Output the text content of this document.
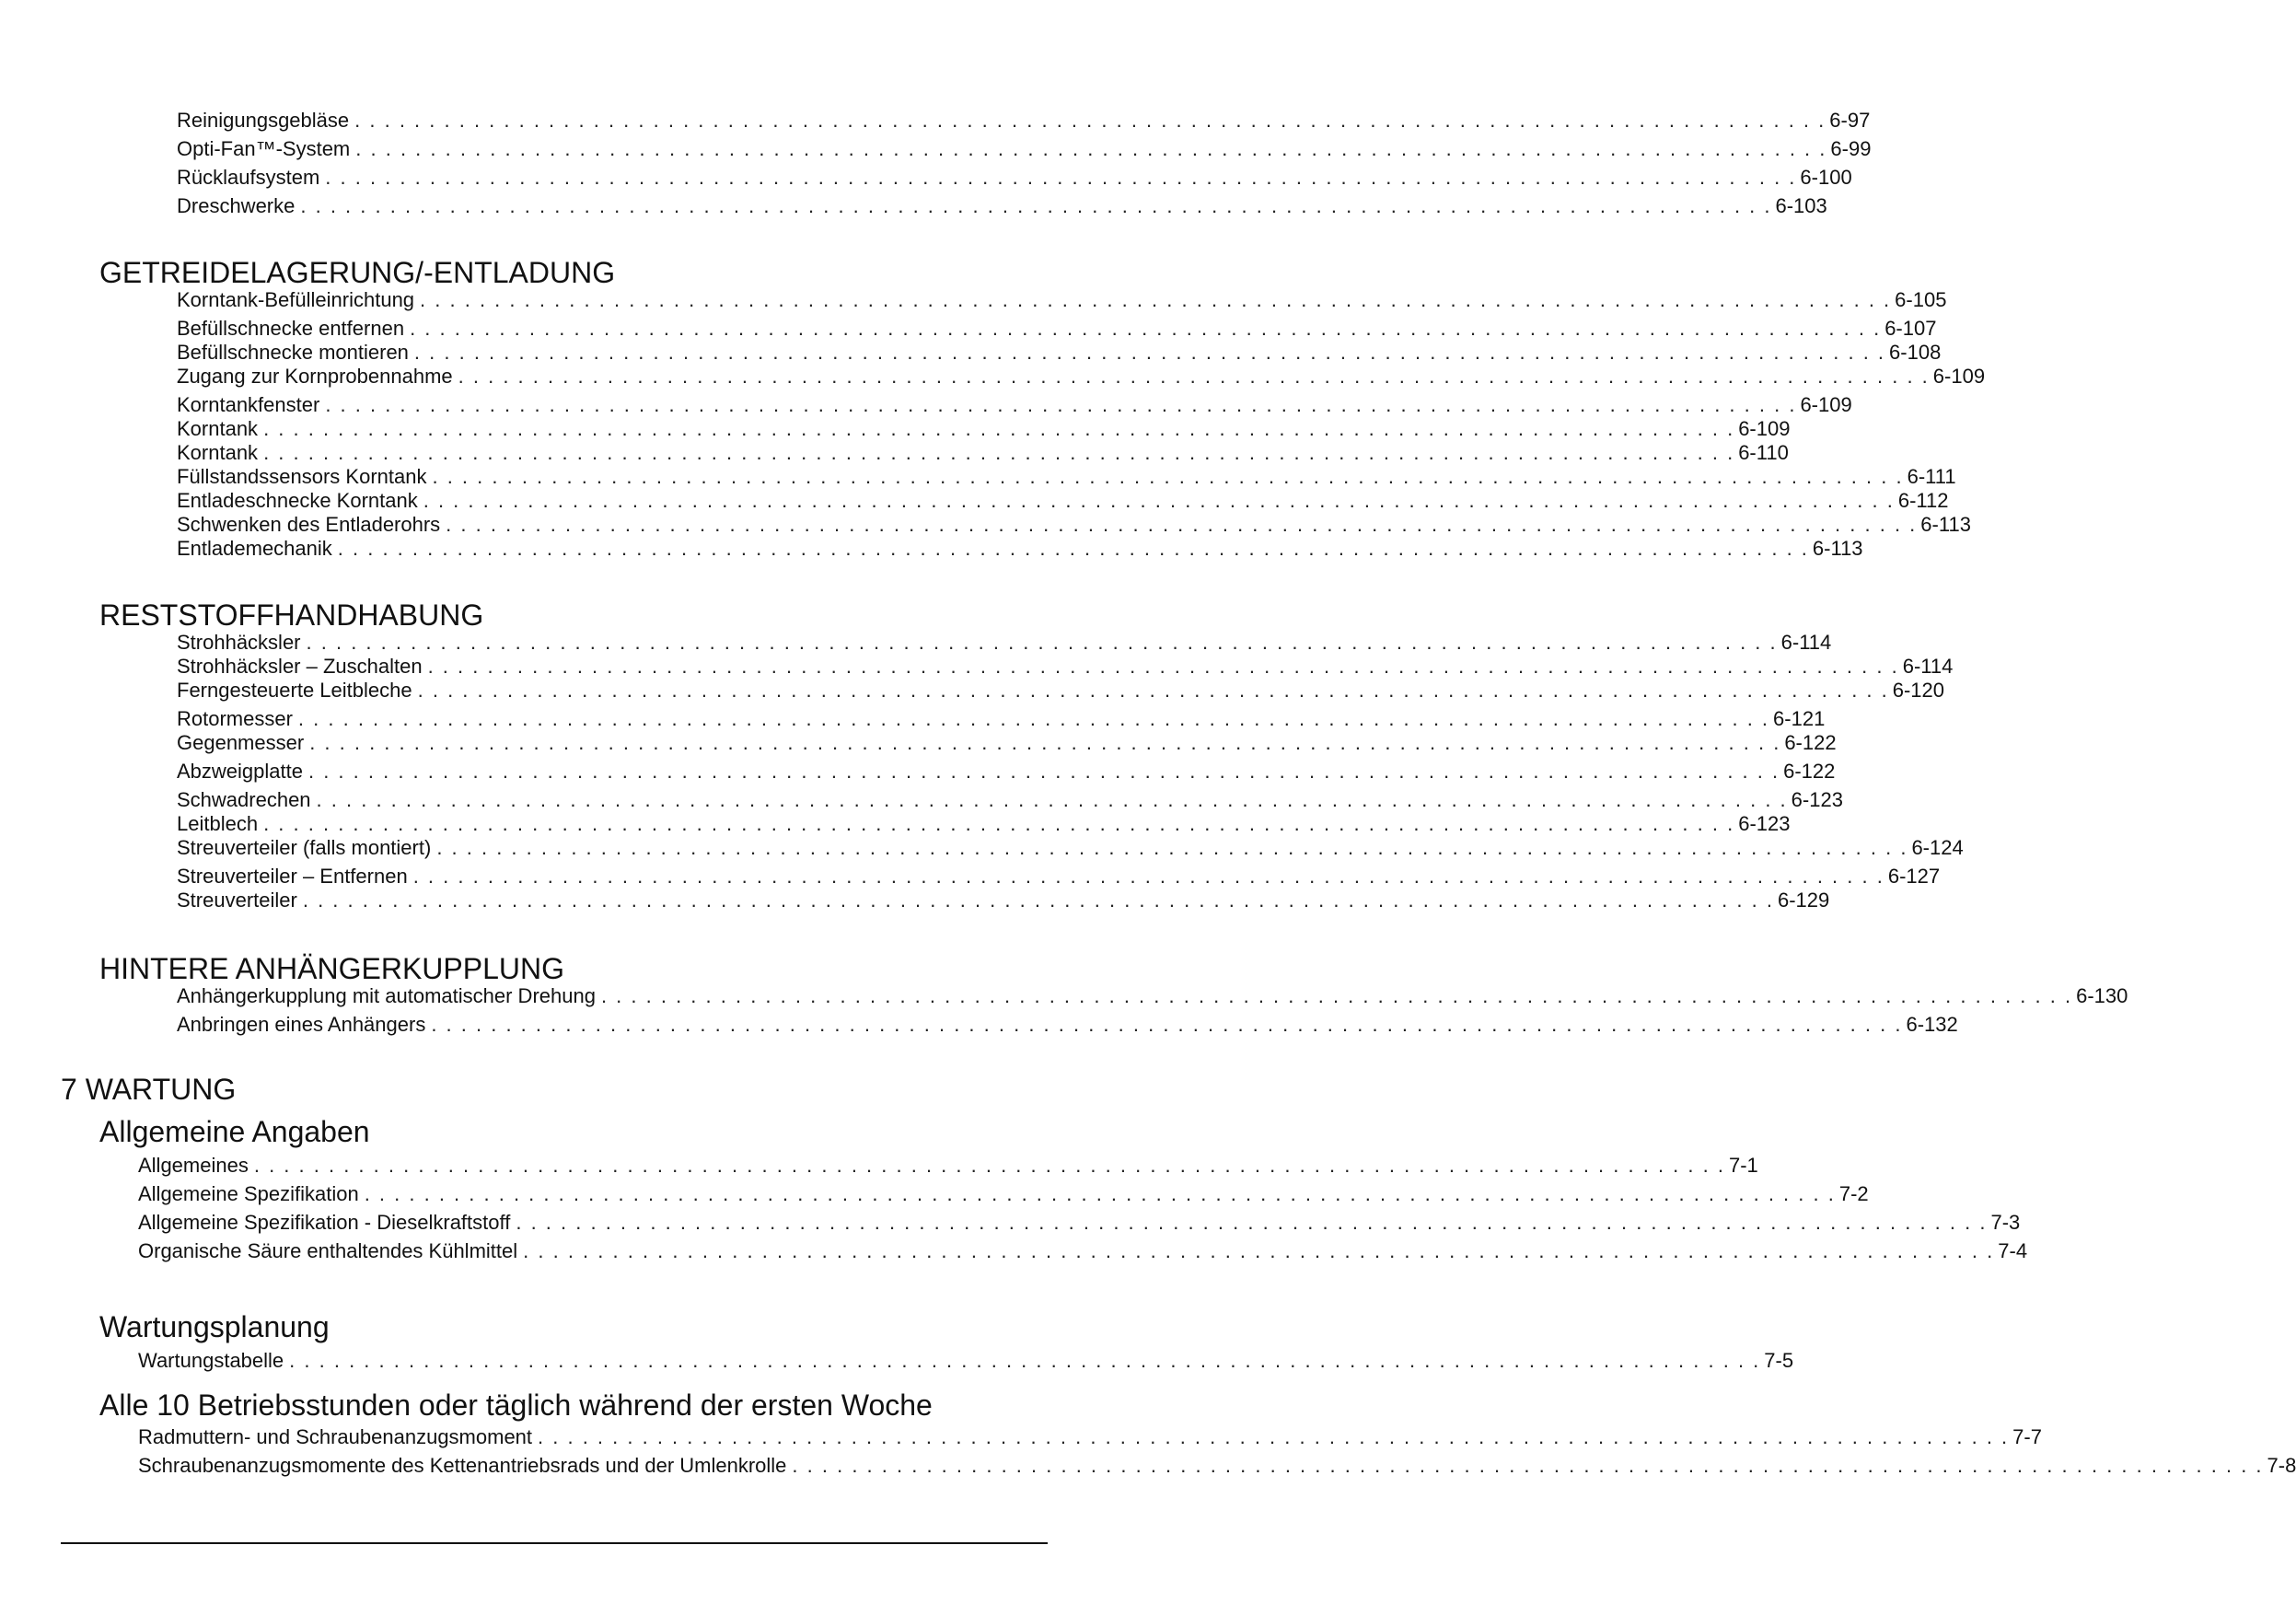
Reinigungsgebläse . . . . . . . . . . . . . . . . . . . . . . . . . . . . . . . . . . . . . . . . . . . . . . . . . . . . . . . . . . . . . . . . . . . . . . . . . . . . . . . . . . . . . . . . . . . . . . . . . . . 6-97
Opti-Fan™-System . . . . . . . . . . . . . . . . . . . . . . . . . . . . . . . . . . . . . . . . . . . . . . . . . . . . . . . . . . . . . . . . . . . . . . . . . . . . . . . . . . . . . . . . . . . . . . . . . . . 6-99
Rücklaufsystem . . . . . . . . . . . . . . . . . . . . . . . . . . . . . . . . . . . . . . . . . . . . . . . . . . . . . . . . . . . . . . . . . . . . . . . . . . . . . . . . . . . . . . . . . . . . . . . . . . . 6-100
Dreschwerke . . . . . . . . . . . . . . . . . . . . . . . . . . . . . . . . . . . . . . . . . . . . . . . . . . . . . . . . . . . . . . . . . . . . . . . . . . . . . . . . . . . . . . . . . . . . . . . . . . . 6-103
GETREIDELAGERUNG/-ENTLADUNG
Korntank-Befülleinrichtung . . . . . . . . . . . . . . . . . . . . . . . . . . . . . . . . . . . . . . . . . . . . . . . . . . . . . . . . . . . . . . . . . . . . . . . . . . . . . . . . . . . . . . . . . . . . . . . . . . . 6-105
Befüllschnecke entfernen . . . . . . . . . . . . . . . . . . . . . . . . . . . . . . . . . . . . . . . . . . . . . . . . . . . . . . . . . . . . . . . . . . . . . . . . . . . . . . . . . . . . . . . . . . . . . . . . . . . 6-107
Befüllschnecke montieren . . . . . . . . . . . . . . . . . . . . . . . . . . . . . . . . . . . . . . . . . . . . . . . . . . . . . . . . . . . . . . . . . . . . . . . . . . . . . . . . . . . . . . . . . . . . . . . . . . . 6-108
Zugang zur Kornprobennahme . . . . . . . . . . . . . . . . . . . . . . . . . . . . . . . . . . . . . . . . . . . . . . . . . . . . . . . . . . . . . . . . . . . . . . . . . . . . . . . . . . . . . . . . . . . . . . . . . . . 6-109
Korntankfenster . . . . . . . . . . . . . . . . . . . . . . . . . . . . . . . . . . . . . . . . . . . . . . . . . . . . . . . . . . . . . . . . . . . . . . . . . . . . . . . . . . . . . . . . . . . . . . . . . . . 6-109
Korntank . . . . . . . . . . . . . . . . . . . . . . . . . . . . . . . . . . . . . . . . . . . . . . . . . . . . . . . . . . . . . . . . . . . . . . . . . . . . . . . . . . . . . . . . . . . . . . . . . . . 6-109
Korntank . . . . . . . . . . . . . . . . . . . . . . . . . . . . . . . . . . . . . . . . . . . . . . . . . . . . . . . . . . . . . . . . . . . . . . . . . . . . . . . . . . . . . . . . . . . . . . . . . . . 6-110
Füllstandssensors Korntank . . . . . . . . . . . . . . . . . . . . . . . . . . . . . . . . . . . . . . . . . . . . . . . . . . . . . . . . . . . . . . . . . . . . . . . . . . . . . . . . . . . . . . . . . . . . . . . . . . . 6-111
Entladeschnecke Korntank . . . . . . . . . . . . . . . . . . . . . . . . . . . . . . . . . . . . . . . . . . . . . . . . . . . . . . . . . . . . . . . . . . . . . . . . . . . . . . . . . . . . . . . . . . . . . . . . . . . 6-112
Schwenken des Entladerohrs . . . . . . . . . . . . . . . . . . . . . . . . . . . . . . . . . . . . . . . . . . . . . . . . . . . . . . . . . . . . . . . . . . . . . . . . . . . . . . . . . . . . . . . . . . . . . . . . . . . 6-113
Entlademechanik . . . . . . . . . . . . . . . . . . . . . . . . . . . . . . . . . . . . . . . . . . . . . . . . . . . . . . . . . . . . . . . . . . . . . . . . . . . . . . . . . . . . . . . . . . . . . . . . . . . 6-113
RESTSTOFFHANDHABUNG
Strohhäcksler . . . . . . . . . . . . . . . . . . . . . . . . . . . . . . . . . . . . . . . . . . . . . . . . . . . . . . . . . . . . . . . . . . . . . . . . . . . . . . . . . . . . . . . . . . . . . . . . . . . 6-114
Strohhäcksler – Zuschalten . . . . . . . . . . . . . . . . . . . . . . . . . . . . . . . . . . . . . . . . . . . . . . . . . . . . . . . . . . . . . . . . . . . . . . . . . . . . . . . . . . . . . . . . . . . . . . . . . . . 6-114
Ferngesteuerte Leitbleche . . . . . . . . . . . . . . . . . . . . . . . . . . . . . . . . . . . . . . . . . . . . . . . . . . . . . . . . . . . . . . . . . . . . . . . . . . . . . . . . . . . . . . . . . . . . . . . . . . . 6-120
Rotormesser . . . . . . . . . . . . . . . . . . . . . . . . . . . . . . . . . . . . . . . . . . . . . . . . . . . . . . . . . . . . . . . . . . . . . . . . . . . . . . . . . . . . . . . . . . . . . . . . . . . 6-121
Gegenmesser . . . . . . . . . . . . . . . . . . . . . . . . . . . . . . . . . . . . . . . . . . . . . . . . . . . . . . . . . . . . . . . . . . . . . . . . . . . . . . . . . . . . . . . . . . . . . . . . . . . 6-122
Abzweigplatte . . . . . . . . . . . . . . . . . . . . . . . . . . . . . . . . . . . . . . . . . . . . . . . . . . . . . . . . . . . . . . . . . . . . . . . . . . . . . . . . . . . . . . . . . . . . . . . . . . . 6-122
Schwadrechen . . . . . . . . . . . . . . . . . . . . . . . . . . . . . . . . . . . . . . . . . . . . . . . . . . . . . . . . . . . . . . . . . . . . . . . . . . . . . . . . . . . . . . . . . . . . . . . . . . . 6-123
Leitblech . . . . . . . . . . . . . . . . . . . . . . . . . . . . . . . . . . . . . . . . . . . . . . . . . . . . . . . . . . . . . . . . . . . . . . . . . . . . . . . . . . . . . . . . . . . . . . . . . . . 6-123
Streuverteiler (falls montiert) . . . . . . . . . . . . . . . . . . . . . . . . . . . . . . . . . . . . . . . . . . . . . . . . . . . . . . . . . . . . . . . . . . . . . . . . . . . . . . . . . . . . . . . . . . . . . . . . . . . 6-124
Streuverteiler – Entfernen . . . . . . . . . . . . . . . . . . . . . . . . . . . . . . . . . . . . . . . . . . . . . . . . . . . . . . . . . . . . . . . . . . . . . . . . . . . . . . . . . . . . . . . . . . . . . . . . . . . 6-127
Streuverteiler . . . . . . . . . . . . . . . . . . . . . . . . . . . . . . . . . . . . . . . . . . . . . . . . . . . . . . . . . . . . . . . . . . . . . . . . . . . . . . . . . . . . . . . . . . . . . . . . . . . 6-129
HINTERE ANHÄNGERKUPPLUNG
Anhängerkupplung mit automatischer Drehung . . . . . . . . . . . . . . . . . . . . . . . . . . . . . . . . . . . . . . . . . . . . . . . . . . . . . . . . . . . . . . . . . . . . . . . . . . . . . . . . . . . . . . . . . . . . . . . . . . . 6-130
Anbringen eines Anhängers . . . . . . . . . . . . . . . . . . . . . . . . . . . . . . . . . . . . . . . . . . . . . . . . . . . . . . . . . . . . . . . . . . . . . . . . . . . . . . . . . . . . . . . . . . . . . . . . . . . 6-132
7 WARTUNG
Allgemeine Angaben
Allgemeines . . . . . . . . . . . . . . . . . . . . . . . . . . . . . . . . . . . . . . . . . . . . . . . . . . . . . . . . . . . . . . . . . . . . . . . . . . . . . . . . . . . . . . . . . . . . . . . . . . . 7-1
Allgemeine Spezifikation . . . . . . . . . . . . . . . . . . . . . . . . . . . . . . . . . . . . . . . . . . . . . . . . . . . . . . . . . . . . . . . . . . . . . . . . . . . . . . . . . . . . . . . . . . . . . . . . . . . 7-2
Allgemeine Spezifikation - Dieselkraftstoff . . . . . . . . . . . . . . . . . . . . . . . . . . . . . . . . . . . . . . . . . . . . . . . . . . . . . . . . . . . . . . . . . . . . . . . . . . . . . . . . . . . . . . . . . . . . . . . . . . . 7-3
Organische Säure enthaltendes Kühlmittel . . . . . . . . . . . . . . . . . . . . . . . . . . . . . . . . . . . . . . . . . . . . . . . . . . . . . . . . . . . . . . . . . . . . . . . . . . . . . . . . . . . . . . . . . . . . . . . . . . . 7-4
Wartungsplanung
Wartungstabelle . . . . . . . . . . . . . . . . . . . . . . . . . . . . . . . . . . . . . . . . . . . . . . . . . . . . . . . . . . . . . . . . . . . . . . . . . . . . . . . . . . . . . . . . . . . . . . . . . . . 7-5
Alle 10 Betriebsstunden oder täglich während der ersten Woche
Radmuttern- und Schraubenanzugsmoment . . . . . . . . . . . . . . . . . . . . . . . . . . . . . . . . . . . . . . . . . . . . . . . . . . . . . . . . . . . . . . . . . . . . . . . . . . . . . . . . . . . . . . . . . . . . . . . . . . . 7-7
Schraubenanzugsmomente des Kettenantriebsrads und der Umlenkrolle . . . . . . . . . . . . . . . . . . . . . . . . . . . . . . . . . . . . . . . . . . . . . . . . . . . . . . . . . . . . . . . . . . . . . . . . . . . . . . . . . . . . . . . . . . . . . . . . . . . 7-8
